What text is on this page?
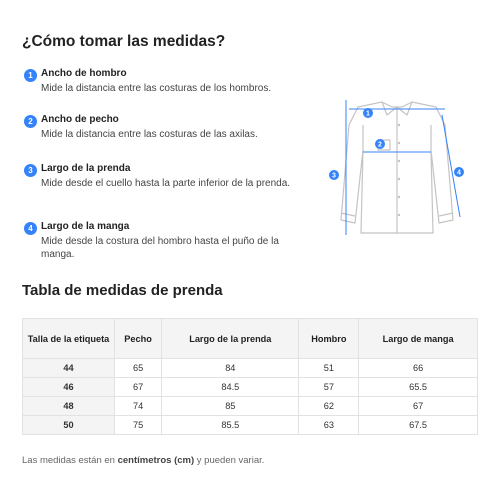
¿Cómo tomar las medidas?
1 Ancho de hombro
Mide la distancia entre las costuras de los hombros.
2 Ancho de pecho
Mide la distancia entre las costuras de las axilas.
3 Largo de la prenda
Mide desde el cuello hasta la parte inferior de la prenda.
4 Largo de la manga
Mide desde la costura del hombro hasta el puño de la manga.
1
2
3	4
Tabla de medidas de prenda
Talla de la etiqueta	Pecho	Largo de la prenda	Hombro	Largo de manga
44	65	84	51	66
46	67	84.5	57	65.5
48	74	85	62	67
50	75	85.5	63	67.5
Las medidas están en centímetros (cm) y pueden variar.
